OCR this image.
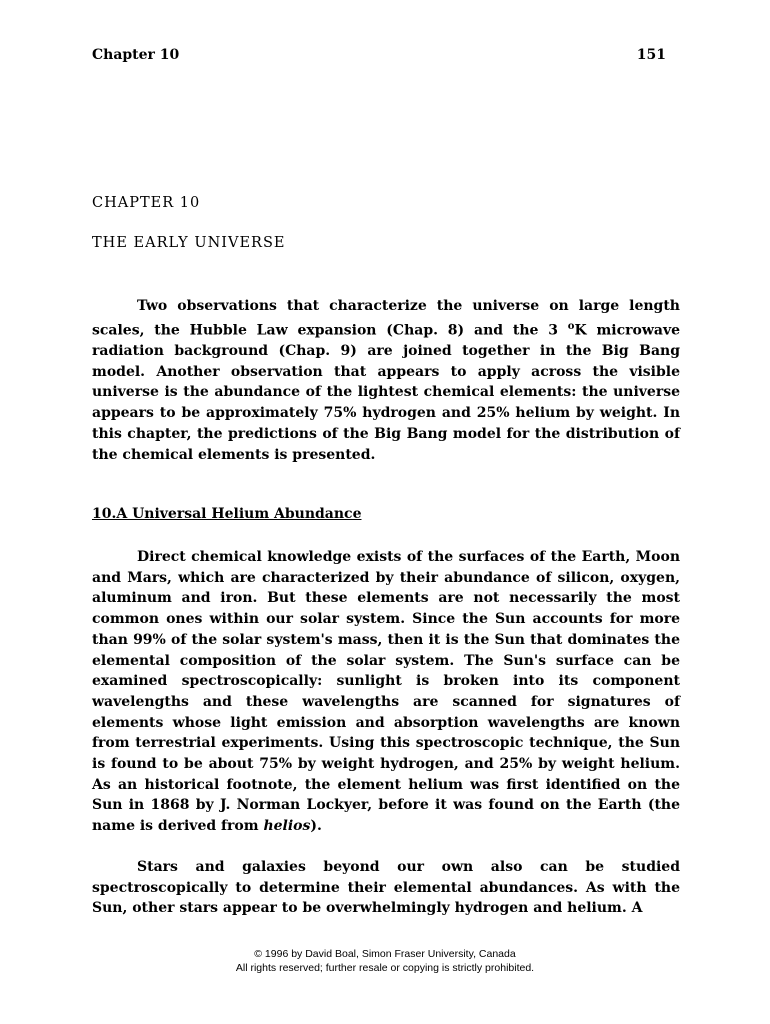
Chapter 10	151
CHAPTER 10
THE EARLY UNIVERSE

Two observations that characterize the universe on large length scales, the Hubble Law expansion (Chap. 8) and the 3 $^o$K microwave radiation background (Chap. 9) are joined together in the Big Bang model. Another observation that appears to apply across the visible universe is the abundance of the lightest chemical elements: the universe appears to be approximately 75% hydrogen and 25% helium by weight. In this chapter, the predictions of the Big Bang model for the distribution of the chemical elements is presented.

10.A Universal Helium Abundance

Direct chemical knowledge exists of the surfaces of the Earth, Moon and Mars, which are characterized by their abundance of silicon, oxygen, aluminum and iron. But these elements are not necessarily the most common ones within our solar system. Since the Sun accounts for more than 99% of the solar system's mass, then it is the Sun that dominates the elemental composition of the solar system. The Sun's surface can be examined spectroscopically: sunlight is broken into its component wavelengths and these wavelengths are scanned for signatures of elements whose light emission and absorption wavelengths are known from terrestrial experiments. Using this spectroscopic technique, the Sun is found to be about 75% by weight hydrogen, and 25% by weight helium. As an historical footnote, the element helium was first identified on the Sun in 1868 by J. Norman Lockyer, before it was found on the Earth (the name is derived from helios).

Stars and galaxies beyond our own also can be studied spectroscopically to determine their elemental abundances. As with the Sun, other stars appear to be overwhelmingly hydrogen and helium. A

© 1996 by David Boal, Simon Fraser University, Canada
All rights reserved; further resale or copying is strictly prohibited.
